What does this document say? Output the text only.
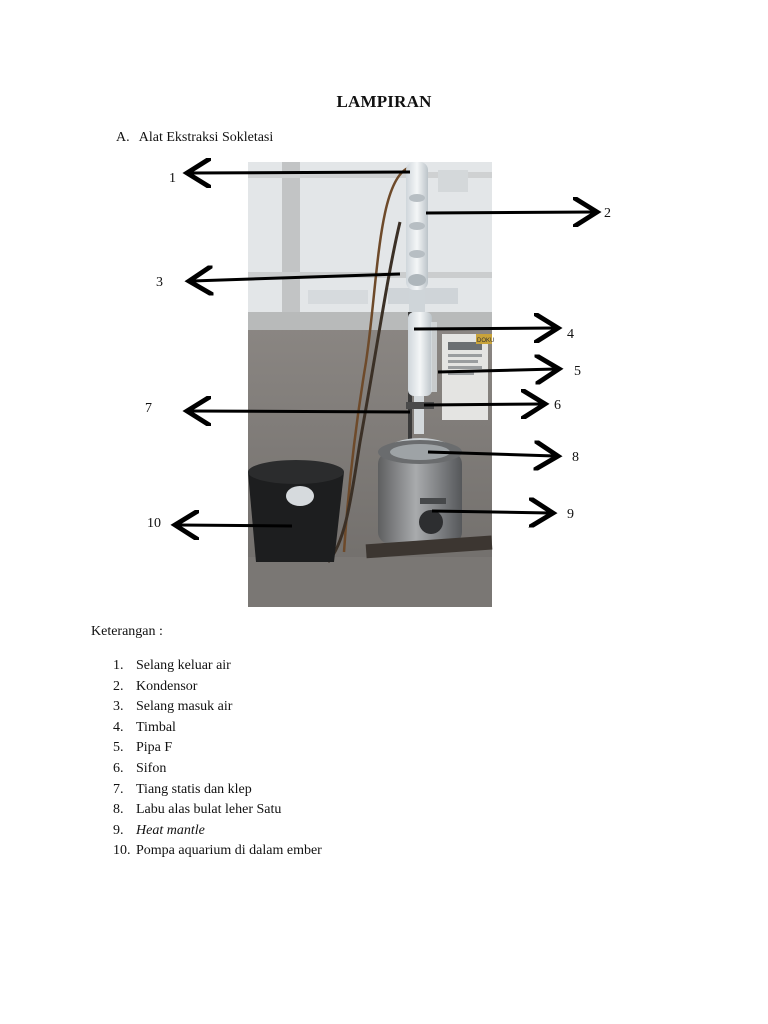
LAMPIRAN
A. Alat Ekstraksi Sokletasi
DOKU
1
2
3
4
5
6
7
8
9
10
Keterangan :
1. Selang keluar air
2. Kondensor
3. Selang masuk air
4. Timbal
5. Pipa F
6. Sifon
7. Tiang statis dan klep
8. Labu alas bulat leher Satu
9. Heat mantle
10. Pompa aquarium di dalam ember
